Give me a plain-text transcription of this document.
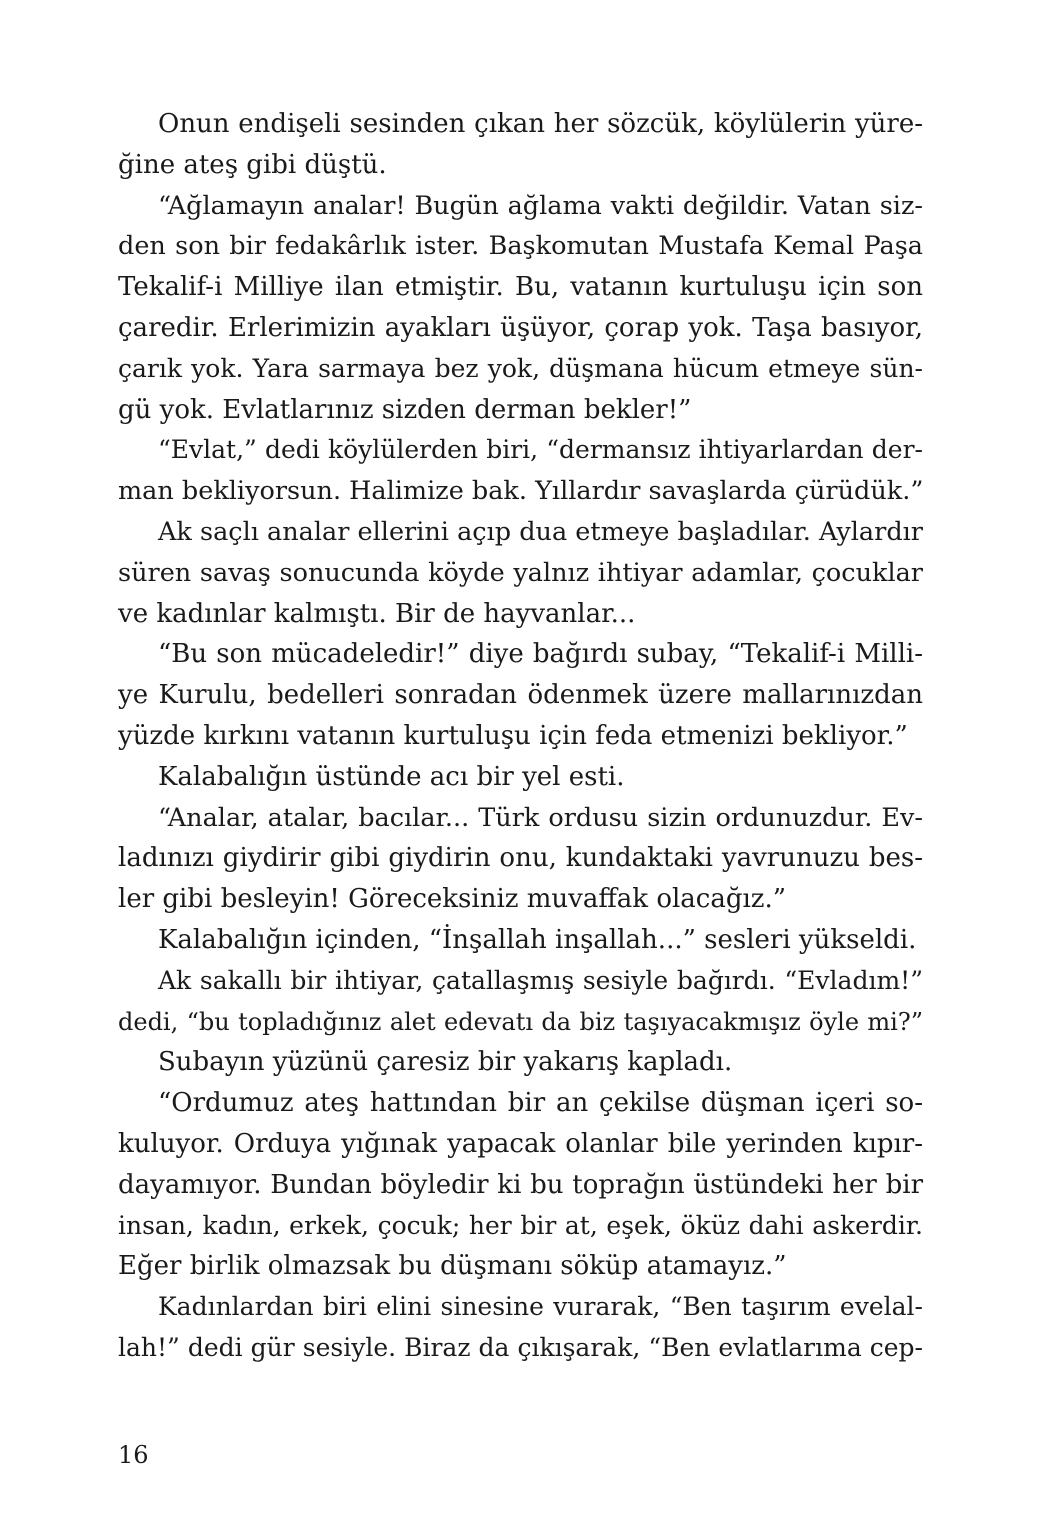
Onun endişeli sesinden çıkan her sözcük, köylülerin yüre-
ğine ateş gibi düştü.
“Ağlamayın analar! Bugün ağlama vakti değildir. Vatan siz-
den son bir fedakârlık ister. Başkomutan Mustafa Kemal Paşa
Tekalif-i Milliye ilan etmiştir. Bu, vatanın kurtuluşu için son
çaredir. Erlerimizin ayakları üşüyor, çorap yok. Taşa basıyor,
çarık yok. Yara sarmaya bez yok, düşmana hücum etmeye sün-
gü yok. Evlatlarınız sizden derman bekler!”
“Evlat,” dedi köylülerden biri, “dermansız ihtiyarlardan der-
man bekliyorsun. Halimize bak. Yıllardır savaşlarda çürüdük.”
Ak saçlı analar ellerini açıp dua etmeye başladılar. Aylardır
süren savaş sonucunda köyde yalnız ihtiyar adamlar, çocuklar
ve kadınlar kalmıştı. Bir de hayvanlar...
“Bu son mücadeledir!” diye bağırdı subay, “Tekalif-i Milli-
ye Kurulu, bedelleri sonradan ödenmek üzere mallarınızdan
yüzde kırkını vatanın kurtuluşu için feda etmenizi bekliyor.”
Kalabalığın üstünde acı bir yel esti.
“Analar, atalar, bacılar... Türk ordusu sizin ordunuzdur. Ev-
ladınızı giydirir gibi giydirin onu, kundaktaki yavrunuzu bes-
ler gibi besleyin! Göreceksiniz muvaffak olacağız.”
Kalabalığın içinden, “İnşallah inşallah...” sesleri yükseldi.
Ak sakallı bir ihtiyar, çatallaşmış sesiyle bağırdı. “Evladım!”
dedi, “bu topladığınız alet edevatı da biz taşıyacakmışız öyle mi?”
Subayın yüzünü çaresiz bir yakarış kapladı.
“Ordumuz ateş hattından bir an çekilse düşman içeri so-
kuluyor. Orduya yığınak yapacak olanlar bile yerinden kıpır-
dayamıyor. Bundan böyledir ki bu toprağın üstündeki her bir
insan, kadın, erkek, çocuk; her bir at, eşek, öküz dahi askerdir.
Eğer birlik olmazsak bu düşmanı söküp atamayız.”
Kadınlardan biri elini sinesine vurarak, “Ben taşırım evelal-
lah!” dedi gür sesiyle. Biraz da çıkışarak, “Ben evlatlarıma cep-
16
